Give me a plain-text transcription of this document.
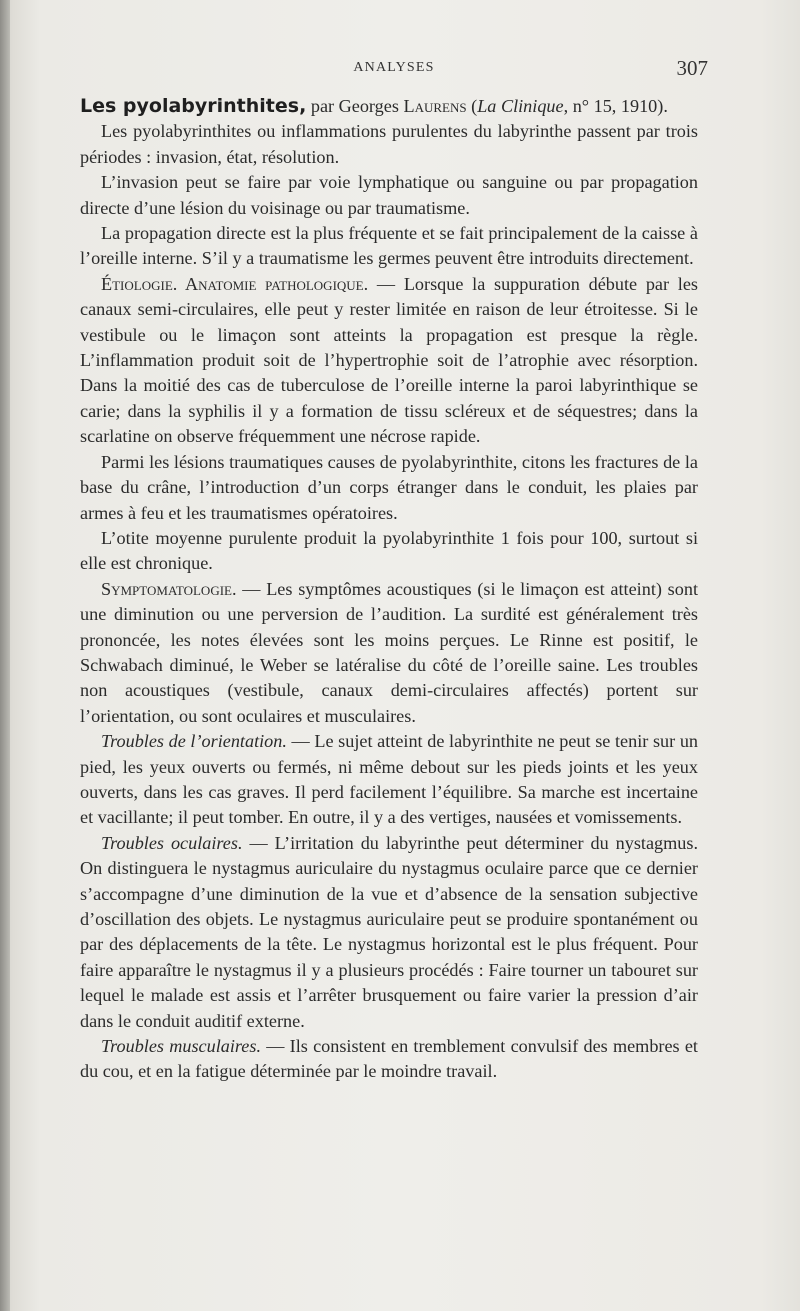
ANALYSES	307

Les pyolabyrinthites, par Georges Laurens (La Clinique, n° 15, 1910).

Les pyolabyrinthites ou inflammations purulentes du labyrinthe passent par trois périodes : invasion, état, résolution.

L’invasion peut se faire par voie lymphatique ou sanguine ou par propagation directe d’une lésion du voisinage ou par traumatisme.

La propagation directe est la plus fréquente et se fait principalement de la caisse à l’oreille interne. S’il y a traumatisme les germes peuvent être introduits directement.

Étiologie. Anatomie pathologique. — Lorsque la suppuration débute par les canaux semi-circulaires, elle peut y rester limitée en raison de leur étroitesse. Si le vestibule ou le limaçon sont atteints la propagation est presque la règle. L’inflammation produit soit de l’hypertrophie soit de l’atrophie avec résorption. Dans la moitié des cas de tuberculose de l’oreille interne la paroi labyrinthique se carie; dans la syphilis il y a formation de tissu scléreux et de séquestres; dans la scarlatine on observe fréquemment une nécrose rapide.

Parmi les lésions traumatiques causes de pyolabyrinthite, citons les fractures de la base du crâne, l’introduction d’un corps étranger dans le conduit, les plaies par armes à feu et les traumatismes opératoires.

L’otite moyenne purulente produit la pyolabyrinthite 1 fois pour 100, surtout si elle est chronique.

Symptomatologie. — Les symptômes acoustiques (si le limaçon est atteint) sont une diminution ou une perversion de l’audition. La surdité est généralement très prononcée, les notes élevées sont les moins perçues. Le Rinne est positif, le Schwabach diminué, le Weber se latéralise du côté de l’oreille saine. Les troubles non acoustiques (vestibule, canaux demi-circulaires affectés) portent sur l’orientation, ou sont oculaires et musculaires.

Troubles de l’orientation. — Le sujet atteint de labyrinthite ne peut se tenir sur un pied, les yeux ouverts ou fermés, ni même debout sur les pieds joints et les yeux ouverts, dans les cas graves. Il perd facilement l’équilibre. Sa marche est incertaine et vacillante; il peut tomber. En outre, il y a des vertiges, nausées et vomissements.

Troubles oculaires. — L’irritation du labyrinthe peut déterminer du nystagmus. On distinguera le nystagmus auriculaire du nystagmus oculaire parce que ce dernier s’accompagne d’une diminution de la vue et d’absence de la sensation subjective d’oscillation des objets. Le nystagmus auriculaire peut se produire spontanément ou par des déplacements de la tête. Le nystagmus horizontal est le plus fréquent. Pour faire apparaître le nystagmus il y a plusieurs procédés : Faire tourner un tabouret sur lequel le malade est assis et l’arrêter brusquement ou faire varier la pression d’air dans le conduit auditif externe.

Troubles musculaires. — Ils consistent en tremblement convulsif des membres et du cou, et en la fatigue déterminée par le moindre travail.
